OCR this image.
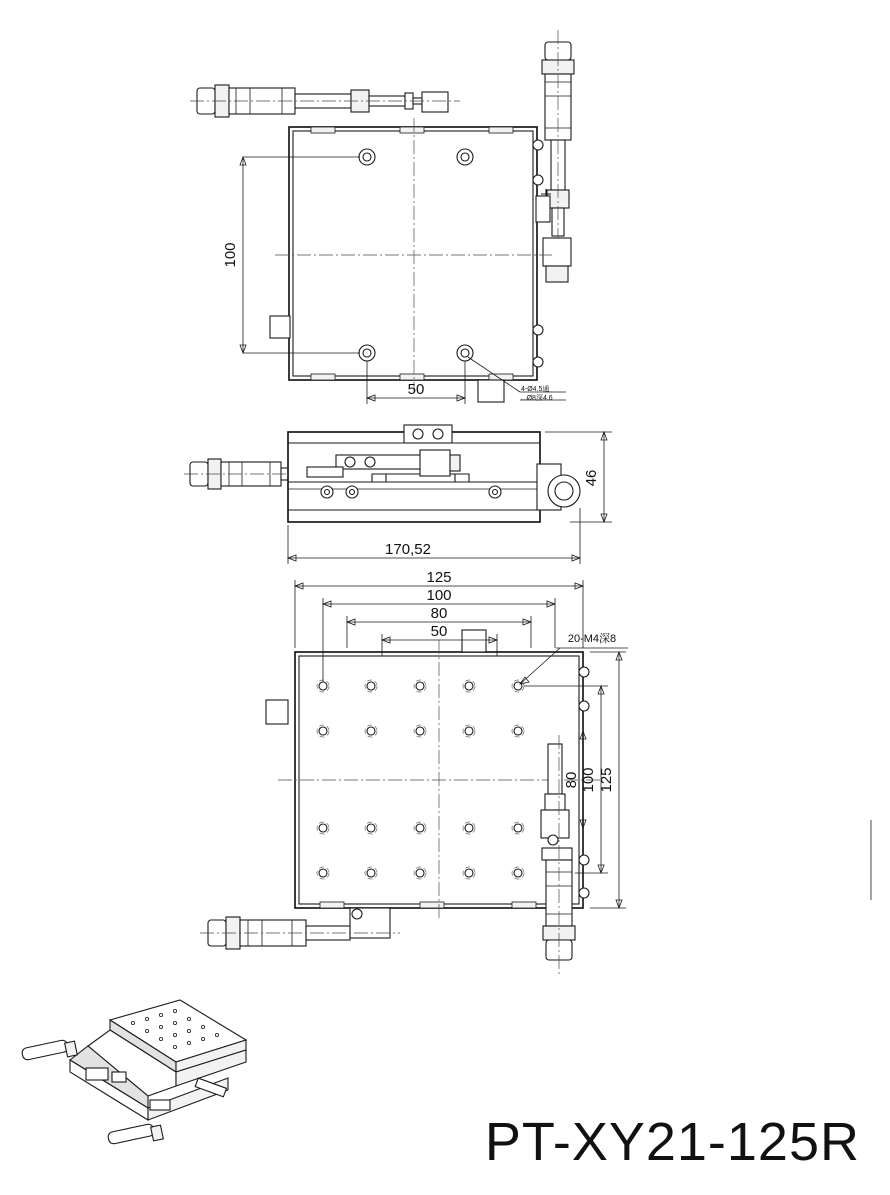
100
50	4-Ø4.5通
⌴Ø8深4.6
46
170,52
125
100
80
50	20-M4深8
125
100
80
PT-XY21-125R
